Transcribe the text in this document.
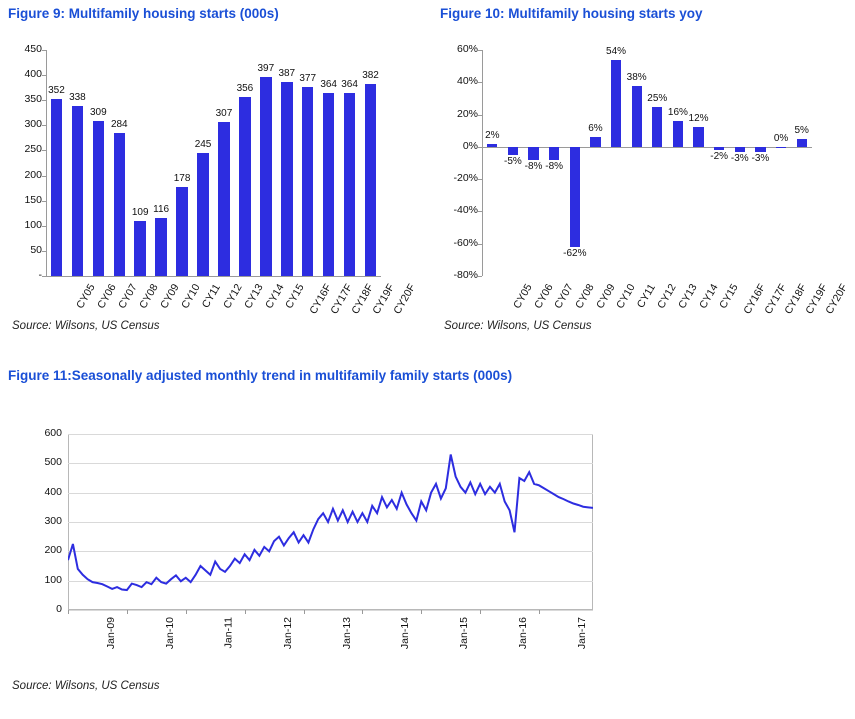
Figure 9: Multifamily housing starts (000s)
-
50
100
150
200
250
300
350
400
450
352
CY05
338
CY06
309
CY07
284
CY08
109
CY09
116
CY10
178
CY11
245
CY12
307
CY13
356
CY14
397
CY15
387
CY16F
377
CY17F
364
CY18F
364
CY19F
382
CY20F
Source: Wilsons, US Census
Figure 10: Multifamily housing starts yoy
60%
40%
20%
0%
-20%
-40%
-60%
-80%
2%
CY05
-5%
CY06
-8%
CY07
-8%
CY08
-62%
CY09
6%
CY10
54%
CY11
38%
CY12
25%
CY13
16%
CY14
12%
CY15
-2%
CY16F
-3%
CY17F
-3%
CY18F
0%
CY19F
5%
CY20F
Source: Wilsons, US Census
Figure 11:Seasonally adjusted monthly trend in multifamily family starts (000s)
0
100
200
300
400
500
600
Jan-09	Jan-10	Jan-11	Jan-12	Jan-13	Jan-14	Jan-15	Jan-16	Jan-17
Source: Wilsons, US Census
